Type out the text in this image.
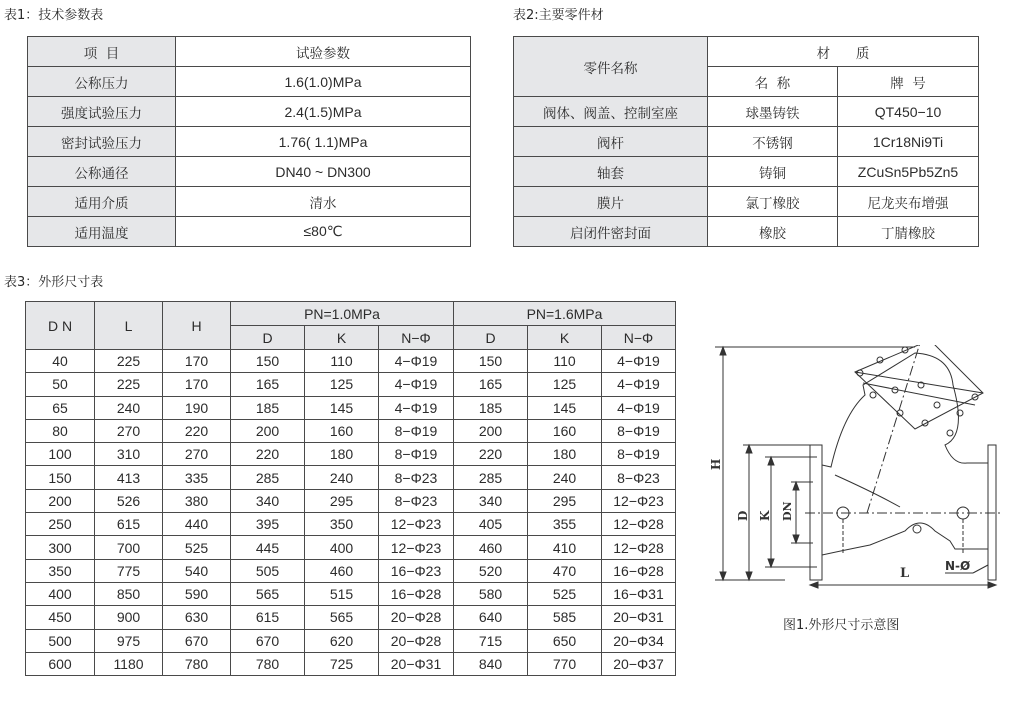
表1：技术参数表
项  目	试验参数
公称压力	1.6(1.0)MPa
强度试验压力	2.4(1.5)MPa
密封试验压力	1.76( 1.1)MPa
公称通径	DN40 ~ DN300
适用介质	清水
适用温度	≤80℃
表2:主要零件材
零件名称	材      质	
	名  称	牌  号
阀体、阀盖、控制室座	球墨铸铁	QT450−10
阀杆	不锈钢	1Cr18Ni9Ti
轴套	铸铜	ZCuSn5Pb5Zn5
膜片	氯丁橡胶	尼龙夹布增强
启闭件密封面	橡胶	丁腈橡胶
表3：外形尺寸表
D N	L	H	PN=1.0MPa			PN=1.6MPa		
			D	K	N−Φ	D	K	N−Φ
40	225	170	150	110	4−Φ19	150	110	4−Φ19
50	225	170	165	125	4−Φ19	165	125	4−Φ19
65	240	190	185	145	4−Φ19	185	145	4−Φ19
80	270	220	200	160	8−Φ19	200	160	8−Φ19
100	310	270	220	180	8−Φ19	220	180	8−Φ19
150	413	335	285	240	8−Φ23	285	240	8−Φ23
200	526	380	340	295	8−Φ23	340	295	12−Φ23
250	615	440	395	350	12−Φ23	405	355	12−Φ28
300	700	525	445	400	12−Φ23	460	410	12−Φ28
350	775	540	505	460	16−Φ23	520	470	16−Φ28
400	850	590	565	515	16−Φ28	580	525	16−Φ31
450	900	630	615	565	20−Φ28	640	585	20−Φ31
500	975	670	670	620	20−Φ28	715	650	20−Φ34
600	1180	780	780	725	20−Φ31	840	770	20−Φ37
H
D K DN
L	N-Ø
图1.外形尺寸示意图
